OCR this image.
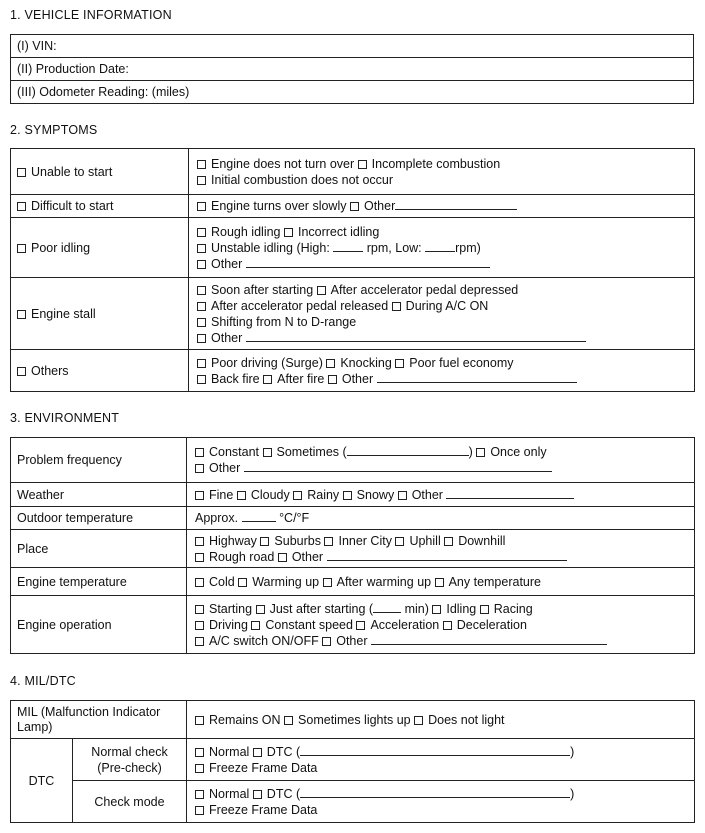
1. VEHICLE INFORMATION
(I) VIN:
(II) Production Date:
(III) Odometer Reading: (miles)
2. SYMPTOMS
Unable to start	Engine does not turn over Incomplete combustion
Initial combustion does not occur

Difficult to start	Engine turns over slowly Other
Poor idling	Rough idling Incorrect idling
Unstable idling (High:  rpm, Low: rpm)
Other

Engine stall	Soon after starting After accelerator pedal depressed
After accelerator pedal released During A/C ON
Shifting from N to D-range
Other

Others	Poor driving (Surge) Knocking Poor fuel economy
Back fire After fire Other
3. ENVIRONMENT
Problem frequency	Constant Sometimes ( ) Once only
Other

Weather	Fine Cloudy Rainy Snowy Other
Outdoor temperature	Approx. °C/°F
Place	Highway Suburbs Inner City Uphill Downhill
Rough road Other

Engine temperature	Cold Warming up After warming up Any temperature
Engine operation	Starting Just after starting ( min) Idling Racing
Driving Constant speed Acceleration Deceleration
A/C switch ON/OFF Other
4. MIL/DTC
MIL (Malfunction Indicator Lamp)		Remains ON Sometimes lights up Does not light
DTC	Normal check (Pre-check)	Normal DTC ( )
Freeze Frame Data

	Check mode	Normal DTC ( )
Freeze Frame Data
